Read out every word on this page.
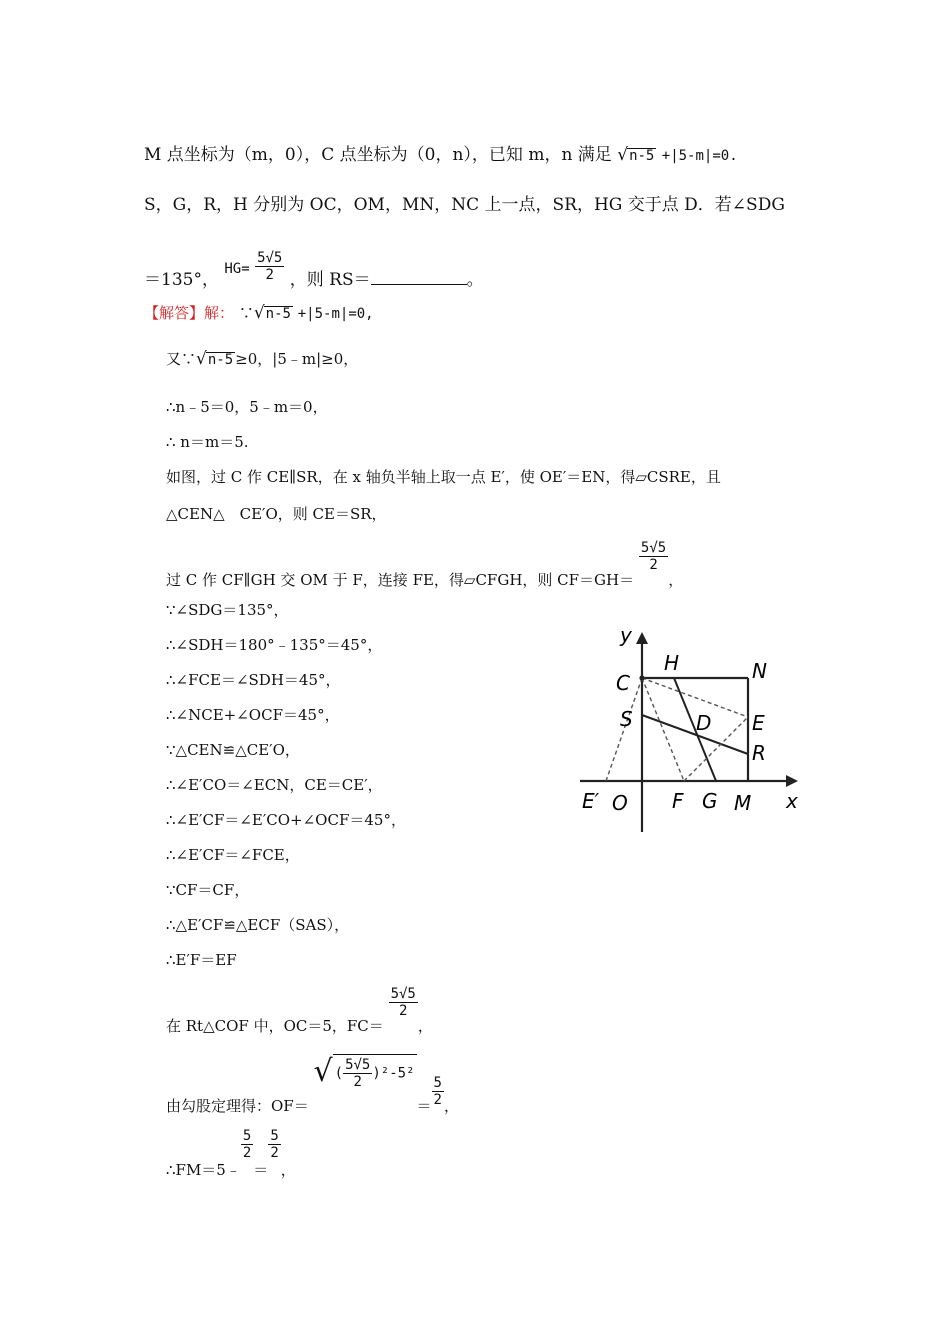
M 点坐标为（m，0），C 点坐标为（0，n），已知 m，n 满足 √n-5 +|5-m|=0.
S，G，R，H 分别为 OC，OM，MN，NC 上一点，SR，HG 交于点 D．若∠SDG
＝135°， $_{HG=} \frac{5√5}{2}$ ，则 RS＝	。
【解答】解： ∵√n-5 +|5-m|=0,
又∵√n-5 ≥0，|5﹣m|≥0，
∴n﹣5＝0，5﹣m＝0，
∴ n＝m＝5.
如图，过 C 作 CE∥SR，在 x 轴负半轴上取一点 E′，使 OE′＝EN，得▱CSRE，且
△CEN△　CE′O，则 CE＝SR，
过 C 作 CF∥GH 交 OM 于 F，连接 FE，得▱CFGH，则 CF＝GH＝
$\frac{5√5}{2}$
，
∵∠SDG＝135°，
∴∠SDH＝180°﹣135°＝45°，
∴∠FCE＝∠SDH＝45°，
∴∠NCE+∠OCF＝45°，
∵△CEN≌△CE′O，
∴∠E′CO＝∠ECN，CE＝CE′，
∴∠E′CF＝∠E′CO+∠OCF＝45°，
∴∠E′CF＝∠FCE，
∵CF＝CF，
∴△E′CF≌△ECF（SAS），
∴E′F＝EF
在 Rt△COF 中，OC＝5，FC＝
$\frac{5√5}{2}$
，
由勾股定理得：OF＝ √ ( $\frac{5√5}{2} )^2-5^2= \frac{5}{2}$ ，
∴FM＝5﹣
$\frac{5}{2}$
＝
$\frac{5}{2}$
，
y
x
C
H	N
S	D E
R
E′ O F G M
